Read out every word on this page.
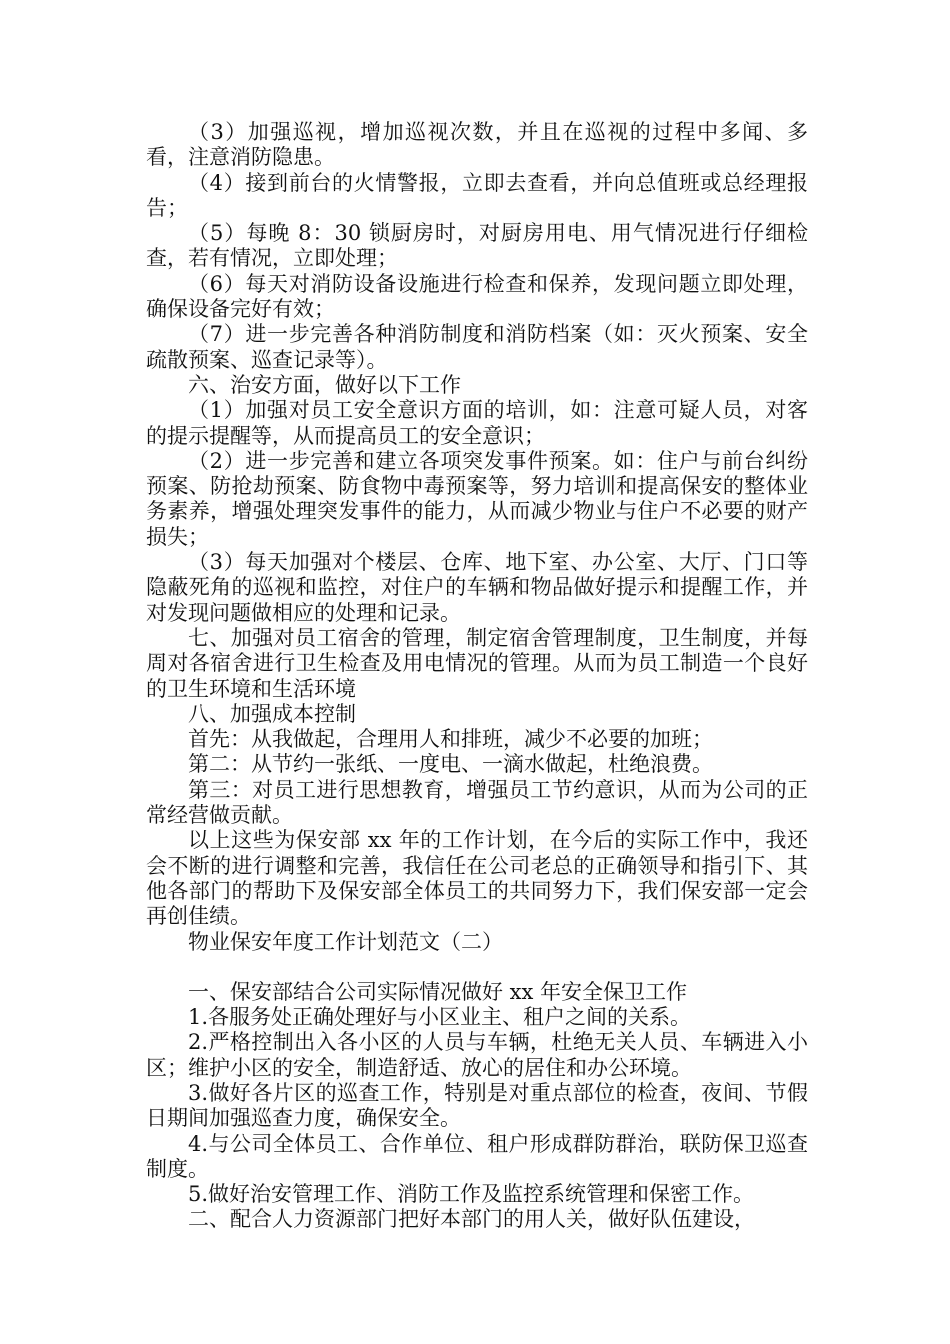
（3）加强巡视，增加巡视次数，并且在巡视的过程中多闻、多看，注意消防隐患。

（4）接到前台的火情警报，立即去查看，并向总值班或总经理报告；

（5）每晚 8：30 锁厨房时，对厨房用电、用气情况进行仔细检查，若有情况，立即处理；

（6）每天对消防设备设施进行检查和保养，发现问题立即处理，确保设备完好有效；

（7）进一步完善各种消防制度和消防档案（如：灭火预案、安全疏散预案、巡查记录等）。

六、治安方面，做好以下工作

（1）加强对员工安全意识方面的培训，如：注意可疑人员，对客的提示提醒等，从而提高员工的安全意识；

（2）进一步完善和建立各项突发事件预案。如：住户与前台纠纷预案、防抢劫预案、防食物中毒预案等，努力培训和提高保安的整体业务素养，增强处理突发事件的能力，从而减少物业与住户不必要的财产损失；

（3）每天加强对个楼层、仓库、地下室、办公室、大厅、门口等隐蔽死角的巡视和监控，对住户的车辆和物品做好提示和提醒工作，并对发现问题做相应的处理和记录。

七、加强对员工宿舍的管理，制定宿舍管理制度，卫生制度，并每周对各宿舍进行卫生检查及用电情况的管理。从而为员工制造一个良好的卫生环境和生活环境

八、加强成本控制

首先：从我做起，合理用人和排班，减少不必要的加班；

第二：从节约一张纸、一度电、一滴水做起，杜绝浪费。

第三：对员工进行思想教育，增强员工节约意识，从而为公司的正常经营做贡献。

以上这些为保安部 xx 年的工作计划，在今后的实际工作中，我还会不断的进行调整和完善，我信任在公司老总的正确领导和指引下、其他各部门的帮助下及保安部全体员工的共同努力下，我们保安部一定会再创佳绩。

物业保安年度工作计划范文（二）

一、保安部结合公司实际情况做好 xx 年安全保卫工作

1.各服务处正确处理好与小区业主、租户之间的关系。

2.严格控制出入各小区的人员与车辆，杜绝无关人员、车辆进入小区；维护小区的安全，制造舒适、放心的居住和办公环境。

3.做好各片区的巡查工作，特别是对重点部位的检查，夜间、节假日期间加强巡查力度，确保安全。

4.与公司全体员工、合作单位、租户形成群防群治，联防保卫巡查制度。

5.做好治安管理工作、消防工作及监控系统管理和保密工作。

二、配合人力资源部门把好本部门的用人关，做好队伍建设，
